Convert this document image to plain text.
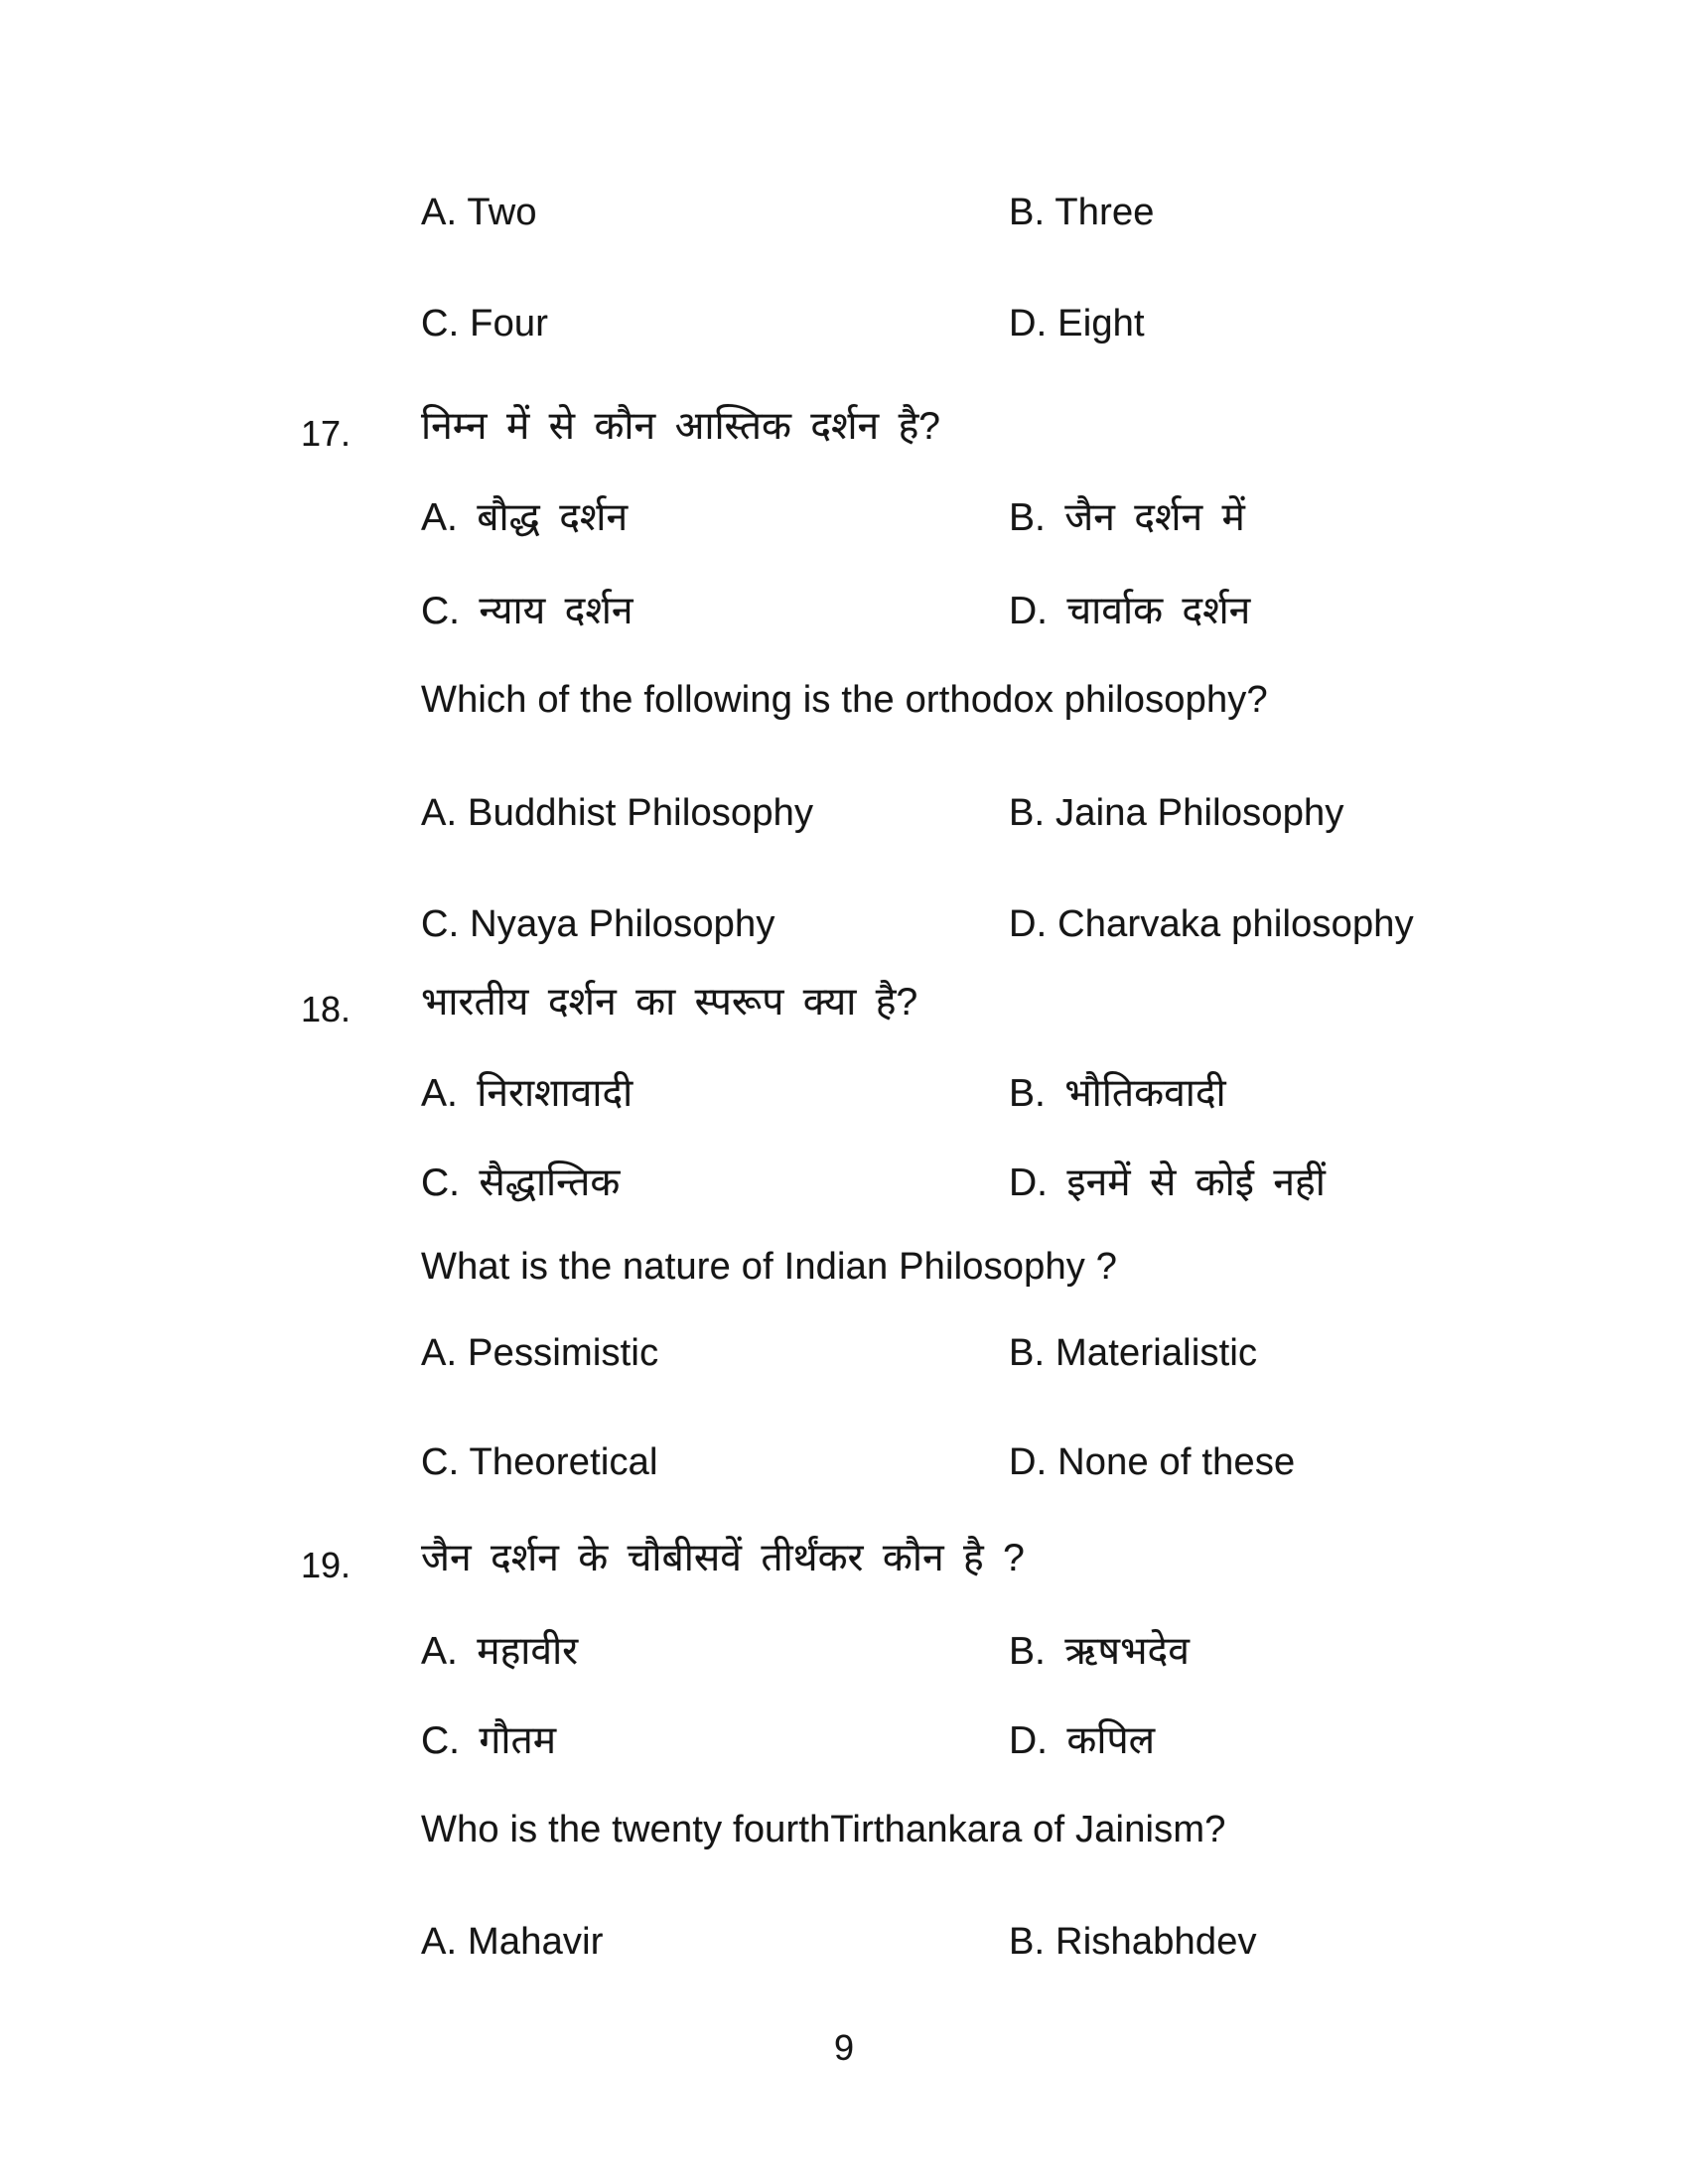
A. Two	B. Three
C. Four	D. Eight
17. निम्न में से कौन आस्तिक दर्शन है?
A. बौद्ध दर्शन	B. जैन दर्शन में
C. न्याय दर्शन	D. चार्वाक दर्शन
Which of the following is the orthodox philosophy?
A. Buddhist Philosophy	B. Jaina Philosophy
C. Nyaya Philosophy	D. Charvaka philosophy
18. भारतीय दर्शन का स्परूप क्या है?
A. निराशावादी	B. भौतिकवादी
C. सैद्धान्तिक	D. इनमें से कोई नहीं
What is the nature of Indian Philosophy ?
A. Pessimistic	B. Materialistic
C. Theoretical	D. None of these
19. जैन दर्शन के चौबीसवें तीर्थंकर कौन है ?
A. महावीर	B. ऋषभदेव
C. गौतम	D. कपिल
Who is the twenty fourthTirthankara of Jainism?
A. Mahavir	B. Rishabhdev
9
